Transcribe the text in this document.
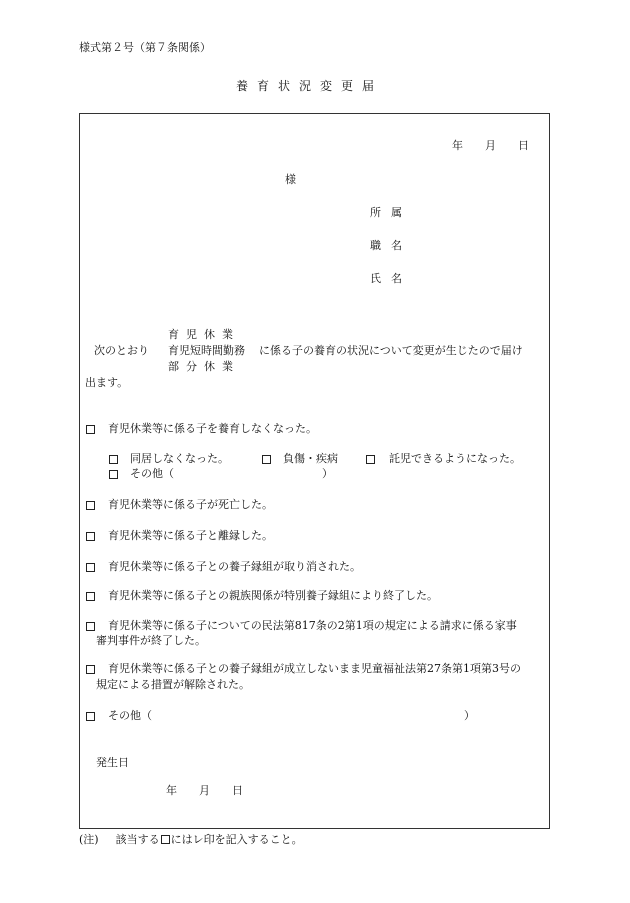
様式第２号（第７条関係）
養育状況変更届
年　　月　　日
様
所属
職名
氏名
育児休業
次のとおり 育児短時間勤務 に係る子の養育の状況について変更が生じたので届け
部分休業
出ます。
育児休業等に係る子を養育しなくなった。
同居しなくなった。	負傷・疾病	託児できるようになった。
その他（	）
育児休業等に係る子が死亡した。
育児休業等に係る子と離縁した。
育児休業等に係る子との養子縁組が取り消された。
育児休業等に係る子との親族関係が特別養子縁組により終了した。
育児休業等に係る子についての民法第817条の2第1項の規定による請求に係る家事
審判事件が終了した。
育児休業等に係る子との養子縁組が成立しないまま児童福祉法第27条第1項第3号の
規定による措置が解除された。
その他（	）
発生日
年　　月　　日
(注) 該当する にはレ印を記入すること。
